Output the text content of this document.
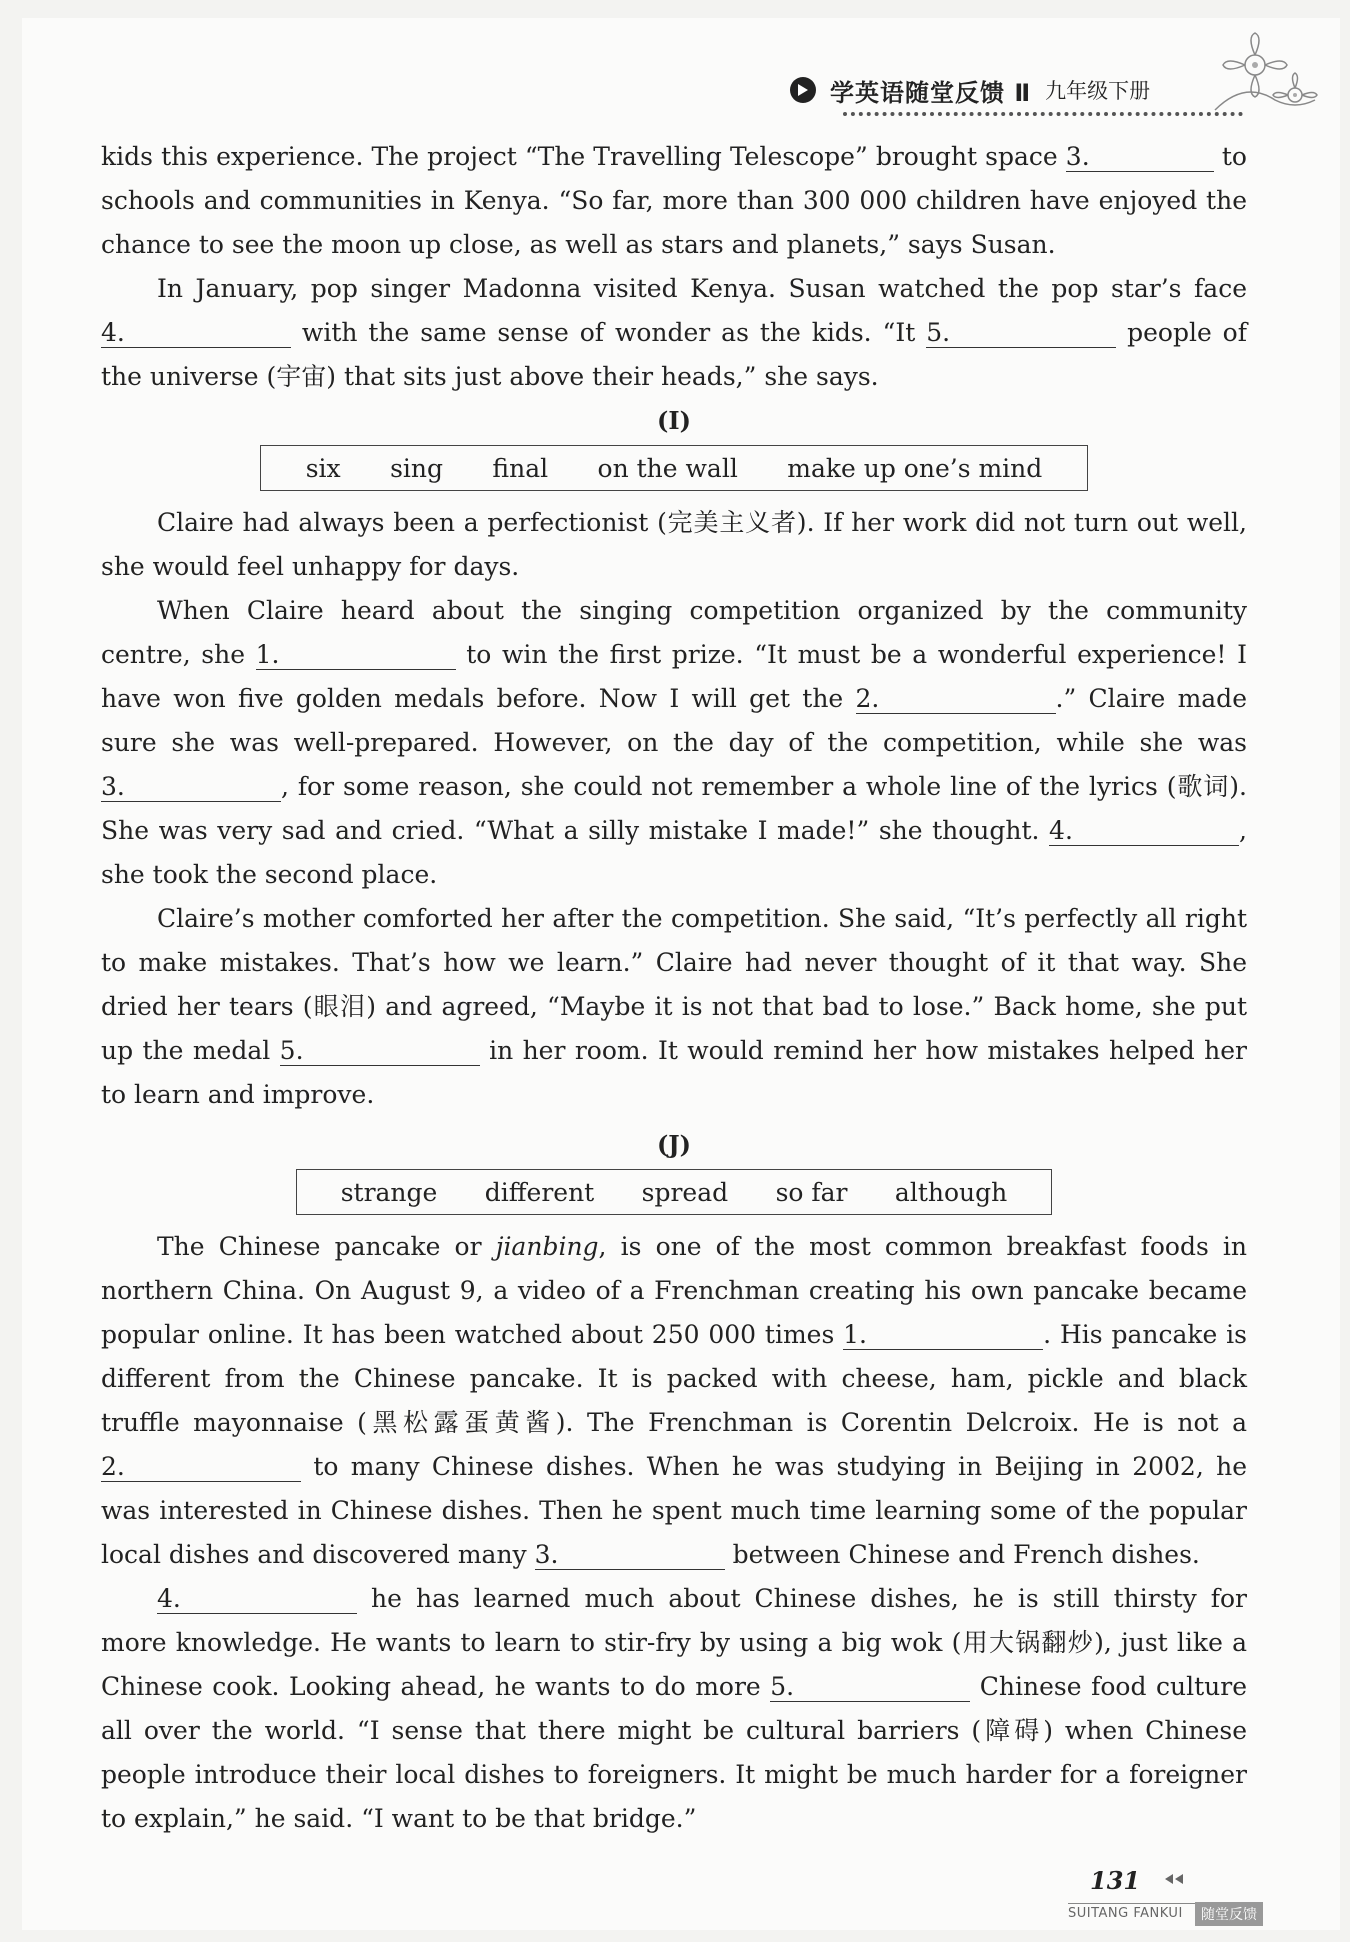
学英语随堂反馈 Ⅱ 九年级下册

kids this experience. The project “The Travelling Telescope” brought space 3.	to schools and communities in Kenya. “So far, more than 300 000 children have enjoyed the chance to see the moon up close, as well as stars and planets,” says Susan.

In January, pop singer Madonna visited Kenya. Susan watched the pop star’s face 4.	with the same sense of wonder as the kids. “It 5.	people of the universe (宇宙) that sits just above their heads,” she says.

(I)

six sing final on the wall make up one’s mind

Claire had always been a perfectionist (完美主义者). If her work did not turn out well, she would feel unhappy for days.

When Claire heard about the singing competition organized by the community centre, she 1.	to win the first prize. “It must be a wonderful experience! I have won five golden medals before. Now I will get the 2.	.” Claire made sure she was well-prepared. However, on the day of the competition, while she was 3.	, for some reason, she could not remember a whole line of the lyrics (歌词). She was very sad and cried. “What a silly mistake I made!” she thought. 4.	, she took the second place.

Claire’s mother comforted her after the competition. She said, “It’s perfectly all right to make mistakes. That’s how we learn.” Claire had never thought of it that way. She dried her tears (眼泪) and agreed, “Maybe it is not that bad to lose.” Back home, she put up the medal 5.	in her room. It would remind her how mistakes helped her to learn and improve.

(J)

strange different spread so far although

The Chinese pancake or jianbing, is one of the most common breakfast foods in northern China. On August 9, a video of a Frenchman creating his own pancake became popular online. It has been watched about 250 000 times 1.	. His pancake is different from the Chinese pancake. It is packed with cheese, ham, pickle and black truffle mayonnaise (黑松露蛋黄酱). The Frenchman is Corentin Delcroix. He is not a 2.	to many Chinese dishes. When he was studying in Beijing in 2002, he was interested in Chinese dishes. Then he spent much time learning some of the popular local dishes and discovered many 3.	between Chinese and French dishes.

4.	he has learned much about Chinese dishes, he is still thirsty for more knowledge. He wants to learn to stir-fry by using a big wok (用大锅翻炒), just like a Chinese cook. Looking ahead, he wants to do more 5.	Chinese food culture all over the world. “I sense that there might be cultural barriers (障碍) when Chinese people introduce their local dishes to foreigners. It might be much harder for a foreigner to explain,” he said. “I want to be that bridge.”

131
SUITANG FANKUI	随堂反馈
